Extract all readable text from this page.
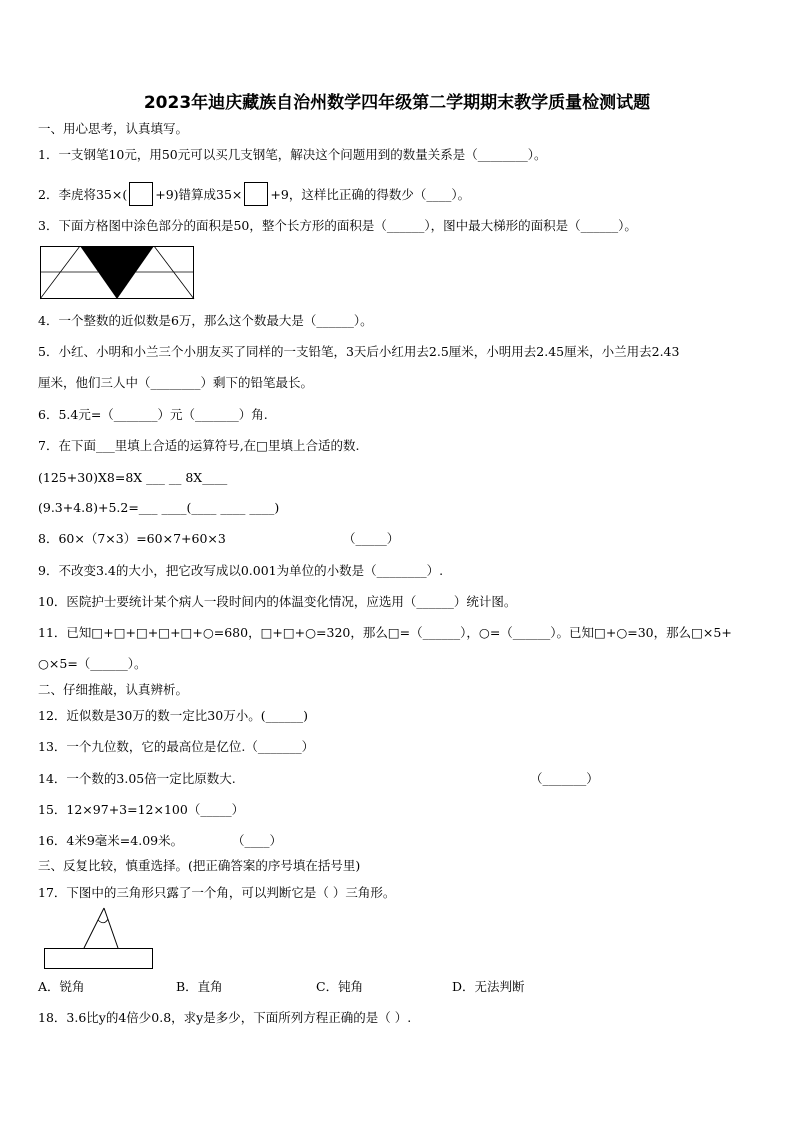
2023年迪庆藏族自治州数学四年级第二学期期末教学质量检测试题
一、用心思考，认真填写。
1．一支钢笔10元，用50元可以买几支钢笔，解决这个问题用到的数量关系是（________）。
2．李虎将35×( +9)错算成35× +9，这样比正确的得数少（____）。
3．下面方格图中涂色部分的面积是50，整个长方形的面积是（______），图中最大梯形的面积是（______）。
4．一个整数的近似数是6万，那么这个数最大是（______）。
5．小红、小明和小兰三个小朋友买了同样的一支铅笔，3天后小红用去2.5厘米，小明用去2.45厘米，小兰用去2.43
厘米，他们三人中（________）剩下的铅笔最长。
6．5.4元=（_______）元（_______）角.
7．在下面___里填上合适的运算符号,在□里填上合适的数.
(125+30)X8=8X ___ __ 8X____
(9.3+4.8)+5.2=___ ____(____ ____ ____)
8．60×（7×3）=60×7+60×3	（_____）
9．不改变3.4的大小，把它改写成以0.001为单位的小数是（________）.
10．医院护士要统计某个病人一段时间内的体温变化情况，应选用（______）统计图。
11．已知□+□+□+□+□+○=680，□+□+○=320，那么□=（______），○=（______）。已知□+○=30，那么□×5+
○×5=（______）。
二、仔细推敲，认真辨析。
12．近似数是30万的数一定比30万小。(______)
13．一个九位数，它的最高位是亿位.（_______）
14．一个数的3.05倍一定比原数大.	（_______）
15．12×97+3=12×100（_____）
16．4米9毫米=4.09米。	（____）
三、反复比较，慎重选择。(把正确答案的序号填在括号里)
17．下图中的三角形只露了一个角，可以判断它是（ ）三角形。
A．锐角	B．直角	C．钝角	D．无法判断
18．3.6比y的4倍少0.8，求y是多少，下面所列方程正确的是（ ）.
